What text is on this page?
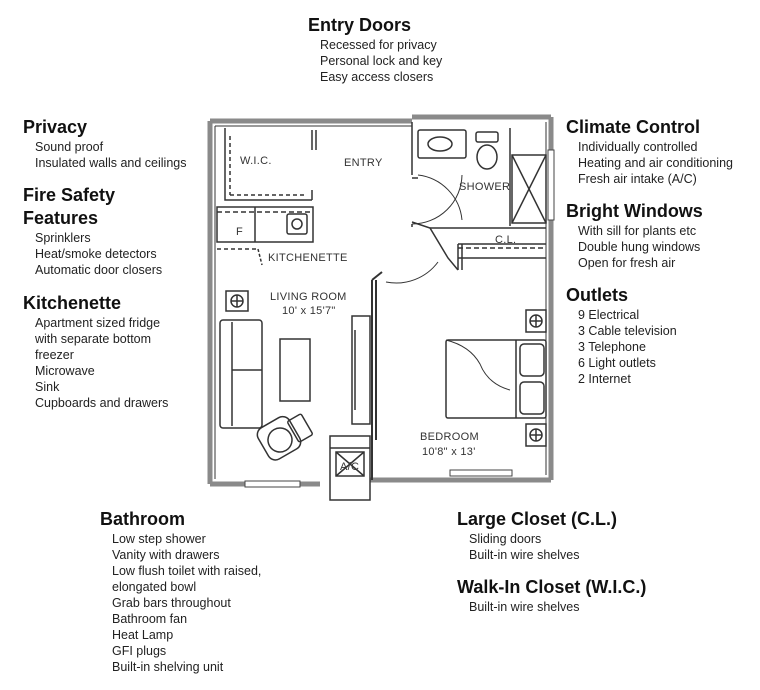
W.I.C.	ENTRY
F
KITCHENETTE
SHOWER
C.L.
LIVING ROOM
10' x 15'7"
A/C
BEDROOM
10'8" x 13'
Entry Doors
Recessed for privacy
Personal lock and key
Easy access closers
Privacy
Sound proof
Insulated walls and ceilings
Fire Safety
Features
Sprinklers
Heat/smoke detectors
Automatic door closers
Kitchenette
Apartment sized fridge
with separate bottom
freezer
Microwave
Sink
Cupboards and drawers
Climate Control
Individually controlled
Heating and air conditioning
Fresh air intake (A/C)
Bright Windows
With sill for plants etc
Double hung windows
Open for fresh air
Outlets
9 Electrical
3 Cable television
3 Telephone
6 Light outlets
2 Internet
Bathroom
Low step shower
Vanity with drawers
Low flush toilet with raised,
elongated bowl
Grab bars throughout
Bathroom fan
Heat Lamp
GFI plugs
Built-in shelving unit
Large Closet (C.L.)
Sliding doors
Built-in wire shelves
Walk-In Closet (W.I.C.)
Built-in wire shelves
